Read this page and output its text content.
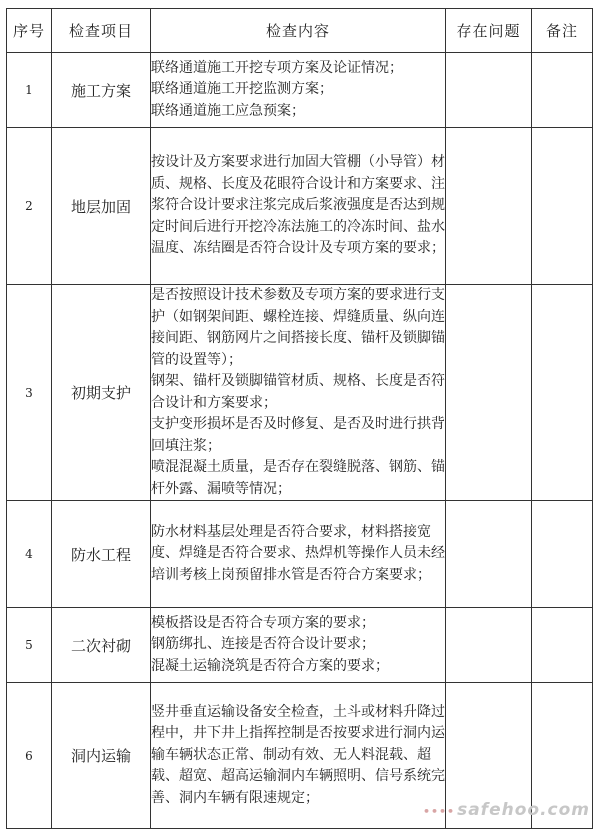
序号	检查项目	检查内容	存在问题	备注
1	施工方案	联络通道施工开挖专项方案及论证情况；
联络通道施工开挖监测方案；
联络通道施工应急预案；		

2	地层加固	按设计及方案要求进行加固大管棚（小导管）材质、规格、长度及花眼符合设计和方案要求、注浆符合设计要求注浆完成后浆液强度是否达到规定时间后进行开挖冷冻法施工的冷冻时间、盐水温度、冻结圈是否符合设计及专项方案的要求；		

3	初期支护	是否按照设计技术参数及专项方案的要求进行支护（如钢架间距、螺栓连接、焊缝质量、纵向连接间距、钢筋网片之间搭接长度、锚杆及锁脚锚管的设置等）；
钢架、锚杆及锁脚锚管材质、规格、长度是否符合设计和方案要求；
支护变形损坏是否及时修复、是否及时进行拱背回填注浆；
喷混混凝土质量，是否存在裂缝脱落、钢筋、锚杆外露、漏喷等情况；		

4	防水工程	防水材料基层处理是否符合要求，材料搭接宽度、焊缝是否符合要求、热焊机等操作人员未经培训考核上岗预留排水管是否符合方案要求；		

5	二次衬砌	模板搭设是否符合专项方案的要求；
钢筋绑扎、连接是否符合设计要求；
混凝土运输浇筑是否符合方案的要求；		

6	洞内运输	竖井垂直运输设备安全检查，土斗或材料升降过程中，井下井上指挥控制是否按要求进行洞内运输车辆状态正常、制动有效、无人料混载、超载、超宽、超高运输洞内车辆照明、信号系统完善、洞内车辆有限速规定；		

•••• safehoo.com
